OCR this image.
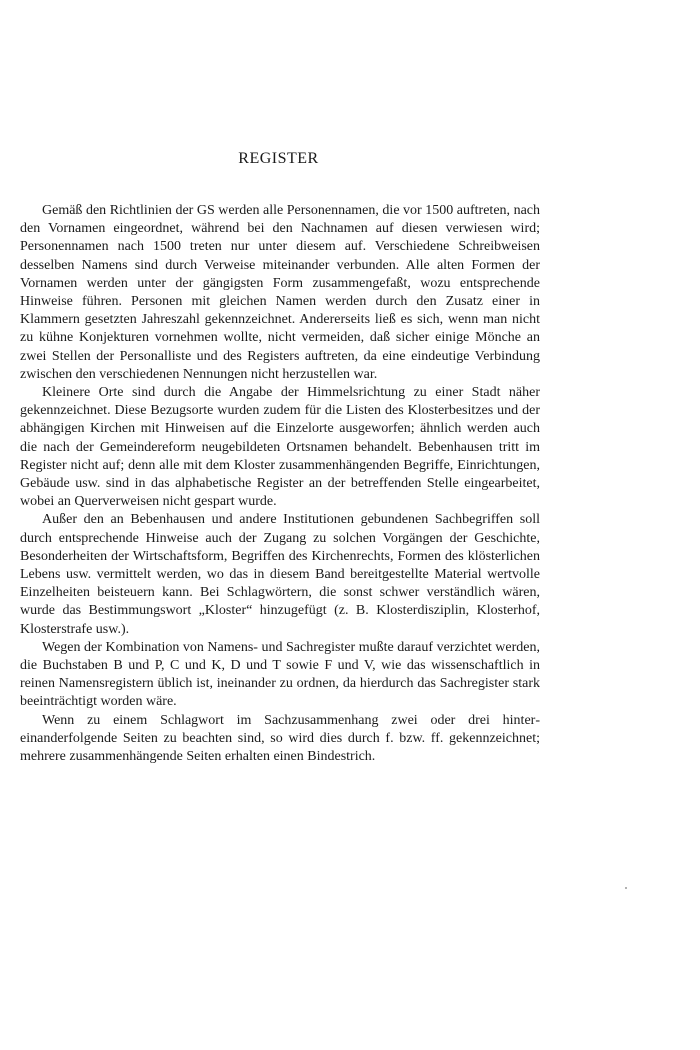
REGISTER

Gemäß den Richtlinien der GS werden alle Personennamen, die vor 1500 auftreten, nach den Vornamen eingeordnet, während bei den Nachnamen auf diesen verwiesen wird; Personennamen nach 1500 treten nur unter diesem auf. Verschiedene Schreibweisen desselben Namens sind durch Verweise miteinander verbunden. Alle alten Formen der Vornamen werden unter der gängigsten Form zusammengefaßt, wozu entsprechende Hinweise führen. Personen mit gleichen Namen werden durch den Zusatz einer in Klammern gesetzten Jahreszahl gekennzeichnet. Andererseits ließ es sich, wenn man nicht zu kühne Konjekturen vornehmen wollte, nicht vermeiden, daß sicher einige Mönche an zwei Stellen der Personalliste und des Registers auftreten, da eine eindeutige Verbindung zwischen den verschiedenen Nennungen nicht herzustellen war.

Kleinere Orte sind durch die Angabe der Himmelsrichtung zu einer Stadt näher gekennzeichnet. Diese Bezugsorte wurden zudem für die Listen des Klosterbesitzes und der abhängigen Kirchen mit Hinweisen auf die Einzelorte ausgeworfen; ähnlich werden auch die nach der Gemeindereform neugebildeten Ortsnamen behandelt. Bebenhausen tritt im Register nicht auf; denn alle mit dem Kloster zusammenhängenden Begriffe, Einrichtungen, Gebäude usw. sind in das alphabetische Register an der betreffenden Stelle eingearbeitet, wobei an Querverweisen nicht gespart wurde.

Außer den an Bebenhausen und andere Institutionen gebundenen Sachbegriffen soll durch entsprechende Hinweise auch der Zugang zu solchen Vorgängen der Geschichte, Besonderheiten der Wirtschaftsform, Begriffen des Kirchenrechts, Formen des klösterlichen Lebens usw. vermittelt werden, wo das in diesem Band bereitgestellte Material wertvolle Einzelheiten beisteuern kann. Bei Schlagwörtern, die sonst schwer verständlich wären, wurde das Bestimmungswort „Kloster“ hinzugefügt (z. B. Klosterdisziplin, Klosterhof, Klosterstrafe usw.).

Wegen der Kombination von Namens- und Sachregister mußte darauf verzichtet werden, die Buchstaben B und P, C und K, D und T sowie F und V, wie das wissenschaftlich in reinen Namensregistern üblich ist, ineinander zu ordnen, da hierdurch das Sachregister stark beeinträchtigt worden wäre.

Wenn zu einem Schlagwort im Sachzusammenhang zwei oder drei hintereinanderfolgende Seiten zu beachten sind, so wird dies durch f. bzw. ff. gekennzeichnet; mehrere zusammenhängende Seiten erhalten einen Bindestrich.
